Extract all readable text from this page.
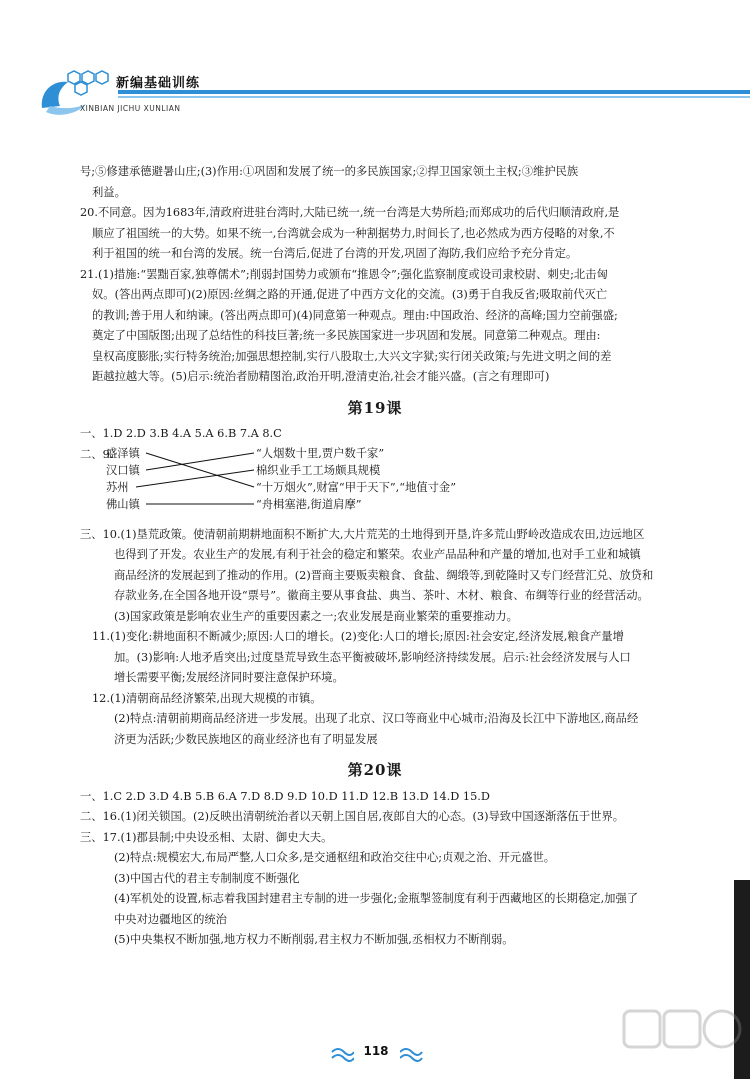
新编基础训练
XINBIAN JICHU XUNLIAN

号;⑤修建承德避暑山庄;(3)作用:①巩固和发展了统一的多民族国家;②捍卫国家领土主权;③维护民族

利益。

20.不同意。因为1683年,清政府进驻台湾时,大陆已统一,统一台湾是大势所趋;而郑成功的后代归顺清政府,是

顺应了祖国统一的大势。如果不统一,台湾就会成为一种割据势力,时间长了,也必然成为西方侵略的对象,不

利于祖国的统一和台湾的发展。统一台湾后,促进了台湾的开发,巩固了海防,我们应给予充分肯定。

21.(1)措施:“罢黜百家,独尊儒术”;削弱封国势力或颁布“推恩令”;强化监察制度或设司隶校尉、刺史;北击匈

奴。(答出两点即可)(2)原因:丝绸之路的开通,促进了中西方文化的交流。(3)勇于自我反省;吸取前代灭亡

的教训;善于用人和纳谏。(答出两点即可)(4)同意第一种观点。理由:中国政治、经济的高峰;国力空前强盛;

奠定了中国版图;出现了总结性的科技巨著;统一多民族国家进一步巩固和发展。同意第二种观点。理由:

皇权高度膨胀;实行特务统治;加强思想控制,实行八股取士,大兴文字狱;实行闭关政策;与先进文明之间的差

距越拉越大等。(5)启示:统治者励精图治,政治开明,澄清吏治,社会才能兴盛。(言之有理即可)

第19课

一、1.D 2.D 3.B 4.A 5.A 6.B 7.A 8.C

二、9.
盛泽镇
汉口镇
苏州
佛山镇
“人烟数十里,贾户数千家”
棉织业手工工场颇具规模
“十万烟火”,财富“甲于天下”,“地值寸金”
“舟楫塞港,街道肩摩”

三、10.(1)垦荒政策。使清朝前期耕地面积不断扩大,大片荒芜的土地得到开垦,许多荒山野岭改造成农田,边远地区

也得到了开发。农业生产的发展,有利于社会的稳定和繁荣。农业产品品种和产量的增加,也对手工业和城镇

商品经济的发展起到了推动的作用。(2)晋商主要贩卖粮食、食盐、绸缎等,到乾隆时又专门经营汇兑、放贷和

存款业务,在全国各地开设“票号”。徽商主要从事食盐、典当、茶叶、木材、粮食、布绸等行业的经营活动。

(3)国家政策是影响农业生产的重要因素之一;农业发展是商业繁荣的重要推动力。

11.(1)变化:耕地面积不断减少;原因:人口的增长。(2)变化:人口的增长;原因:社会安定,经济发展,粮食产量增

加。(3)影响:人地矛盾突出;过度垦荒导致生态平衡被破坏,影响经济持续发展。启示:社会经济发展与人口

增长需要平衡;发展经济同时要注意保护环境。

12.(1)清朝商品经济繁荣,出现大规模的市镇。

(2)特点:清朝前期商品经济进一步发展。出现了北京、汉口等商业中心城市;沿海及长江中下游地区,商品经

济更为活跃;少数民族地区的商业经济也有了明显发展

第20课

一、1.C 2.D 3.D 4.B 5.B 6.A 7.D 8.D 9.D 10.D 11.D 12.B 13.D 14.D 15.D

二、16.(1)闭关锁国。(2)反映出清朝统治者以天朝上国自居,夜郎自大的心态。(3)导致中国逐渐落伍于世界。

三、17.(1)郡县制;中央设丞相、太尉、御史大夫。

(2)特点:规模宏大,布局严整,人口众多,是交通枢纽和政治交往中心;贞观之治、开元盛世。

(3)中国古代的君主专制制度不断强化

(4)军机处的设置,标志着我国封建君主专制的进一步强化;金瓶掣签制度有利于西藏地区的长期稳定,加强了

中央对边疆地区的统治

(5)中央集权不断加强,地方权力不断削弱,君主权力不断加强,丞相权力不断削弱。

118
